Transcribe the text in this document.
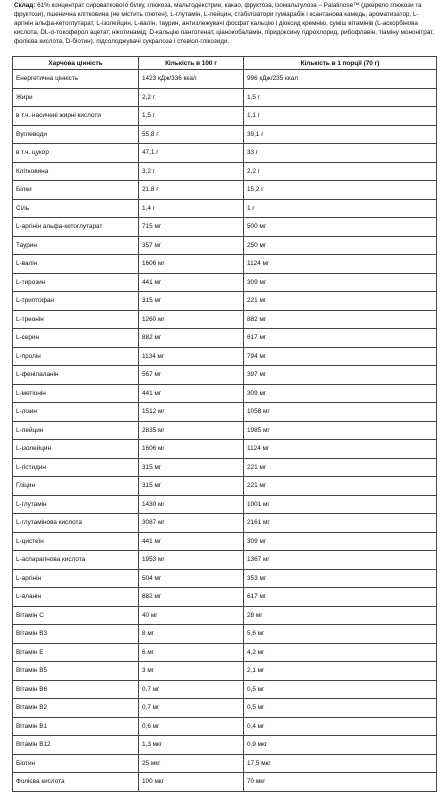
Склад: 61% концентрат сироваткового білку, глюкоза, мальтодекстрин, какао, фруктоза, ізомальтулоза – Palatinose™ (джерело глюкози та фруктози), пшенична клітковина (не містить глютен), L-глутамін, L-лейцин, стабілізатори гуміарабік і ксантанова камедь, ароматизатор, L-аргінін альфа-кетоглутарат, L-ізолейцин, L-валін, таурин, антизлежувачі фосфат кальцію і діоксид кремнію, суміш вітамінів (L-аскорбінова кислота, DL-α-токоферол ацетат, нікотинамід, D-кальцію пантотенат, ціанокобаламін, піридоксину гідрохлорид, рибофлавін, тіаміну мононітрат, фолієва кислота, D-біотин), підсолоджувачі сукралоза і стевіол-глікозиди.

Харчова цінність	Кількість в 100 г	Кількість в 1 порції (70 г)
Енергетична цінність	1423 кДж/336 ккал	996 кДж/235 ккал
Жири	2,2 г	1,5 г
в т.ч. насичені жирні кислоти	1,5 г	1,1 г
Вуглеводи	55,8 г	39,1 г
в т.ч. цукор	47,1 г	33 г
Клітковина	3,2 г	2,2 г
Білки	21,8 г	15,2 г
Сіль	1,4 г	1 г
L-аргінін альфа-кетоглутарат	715 мг	500 мг
Таурин	357 мг	250 мг
L-валін	1606 мг	1124 мг
L-тирозин	441 мг	309 мг
L-триптофан	315 мг	221 мг
L-треонін	1260 мг	882 мг
L-серин	882 мг	617 мг
L-пролін	1134 мг	794 мг
L-фенілаланін	567 мг	397 мг
L-метіонін	441 мг	309 мг
L-лізин	1512 мг	1058 мг
L-лейцин	2835 мг	1985 мг
L-ізолейцин	1606 мг	1124 мг
L-гістидин	315 мг	221 мг
Гліцин	315 мг	221 мг
L-глутамін	1430 мг	1001 мг
L-глутамінова кислота	3087 мг	2161 мг
L-цистеїн	441 мг	309 мг
L-аспарагінова кислота	1953 мг	1367 мг
L-аргінін	504 мг	353 мг
L-аланін	882 мг	617 мг
Вітамін С	40 мг	28 мг
Вітамін В3	8 мг	5,6 мг
Вітамін Е	6 мг	4,2 мг
Вітамін В5	3 мг	2,1 мг
Вітамін В6	0,7 мг	0,5 мг
Вітамін В2	0,7 мг	0,5 мг
Вітамін В1	0,6 мг	0,4 мг
Вітамін В12	1,3 мкг	0,9 мкг
Біотин	25 мкг	17,5 мкг
Фолієва кислота	100 мкг	70 мкг
